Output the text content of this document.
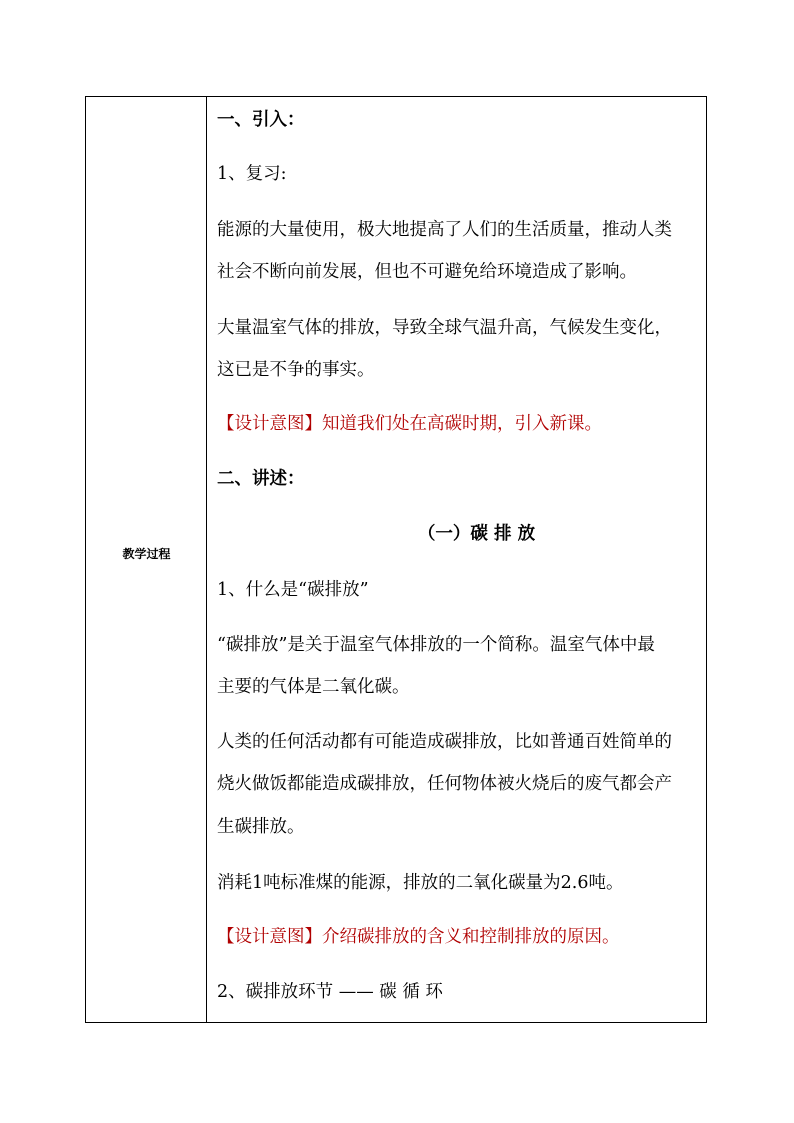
教学过程
一、引入：
1、复习:
能源的大量使用，极大地提高了人们的生活质量，推动人类
社会不断向前发展，但也不可避免给环境造成了影响。
大量温室气体的排放，导致全球气温升高，气候发生变化，
这已是不争的事实。
【设计意图】知道我们处在高碳时期，引入新课。
二、讲述：
（一）碳 排 放
1、什么是“碳排放”
“碳排放”是关于温室气体排放的一个简称。温室气体中最
主要的气体是二氧化碳。
人类的任何活动都有可能造成碳排放，比如普通百姓简单的
烧火做饭都能造成碳排放，任何物体被火烧后的废气都会产
生碳排放。
消耗1吨标准煤的能源，排放的二氧化碳量为2.6吨。
【设计意图】介绍碳排放的含义和控制排放的原因。
2、碳排放环节 —— 碳 循 环
